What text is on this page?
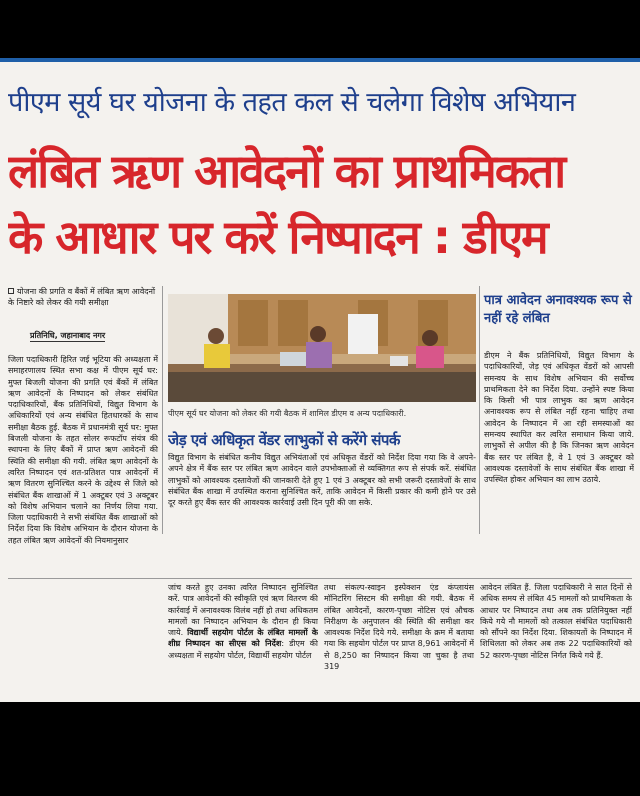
पीएम सूर्य घर योजना के तहत कल से चलेगा विशेष अभियान
लंबित ऋण आवेदनों का प्राथमिकता
के आधार पर करें निष्पादन : डीएम
योजना की प्रगति व बैंकों में लंबित ऋण आवेदनों के निष्टारे को लेकर की गयी समीक्षा
प्रतिनिधि, जहानाबाद नगर
जिला पदाधिकारी हिरित जई भूटिया की अध्यक्षता में समाहरणालय स्थित सभा कक्ष में पीएम सूर्य घर: मुफ्त बिजली योजना की प्रगति एवं बैंकों में लंबित ऋण आवेदनों के निष्पादन को लेकर संबंधित पदाधिकारियों, बैंक प्रतिनिधियों, विद्युत विभाग के अधिकारियों एवं अन्य संबंधित हितधारकों के साथ समीक्षा बैठक हुई. बैठक में प्रधानमंत्री सूर्य घर: मुफ्त बिजली योजना के तहत सोलर रूफटॉप संयंत्र की स्थापना के लिए बैंकों में प्राप्त ऋण आवेदनों की स्थिति की समीक्षा की गयी. लंबित ऋण आवेदनों के त्वरित निष्पादन एवं शत-प्रतिशत पात्र आवेदनों में ऋण वितरण सुनिश्चित करने के उद्देश्य से जिले को संबंधित बैंक शाखाओं में 1 अक्टूबर एवं 3 अक्टूबर को विशेष अभियान चलाने का निर्णय लिया गया. जिला पदाधिकारी ने सभी संबंधित बैंक शाखाओं को निर्देश दिया कि विशेष अभियान के दौरान योजना के तहत लंबित ऋण आवेदनों की नियमानुसार
पीएम सूर्य घर योजना को लेकर की गयी बैठक में शामिल डीएम व अन्य पदाधिकारी.
जेड़ एवं अधिकृत वेंडर लाभुकों से करेंगे संपर्क
विद्युत विभाग के संबंधित कनीय विद्युत अभियंताओं एवं अधिकृत वेंडरों को निर्देश दिया गया कि वे अपने-अपने क्षेत्र में बैंक स्तर पर लंबित ऋण आवेदन वाले उपभोक्ताओं से व्यक्तिगत रूप से संपर्क करें. संबंधित लाभुकों को आवश्यक दस्तावेजों की जानकारी देते हुए 1 एवं 3 अक्टूबर को सभी जरूरी दस्तावेजों के साथ संबंधित बैंक शाखा में उपस्थित कराना सुनिश्चित करें, ताकि आवेदन में किसी प्रकार की कमी होने पर उसे दूर करते हुए बैंक स्तर की आवश्यक कार्रवाई उसी दिन पूरी की जा सके.
पात्र आवेदन अनावश्यक रूप से नहीं रहे लंबित
डीएम ने बैंक प्रतिनिधियों, विद्युत विभाग के पदाधिकारियों, जेड़ एवं अधिकृत वेंडरों को आपसी समन्वय के साथ विशेष अभियान की सर्वोच्च प्राथमिकता देने का निर्देश दिया. उन्होंने स्पष्ट किया कि किसी भी पात्र लाभुक का ऋण आवेदन अनावश्यक रूप से लंबित नहीं रहना चाहिए तथा आवेदन के निष्पादन में आ रही समस्याओं का समन्वय स्थापित कर त्वरित समाधान किया जाये. लाभुकों से अपील की है कि जिनका ऋण आवेदन बैंक स्तर पर लंबित है, वे 1 एवं 3 अक्टूबर को आवश्यक दस्तावेजों के साथ संबंधित बैंक शाखा में उपस्थित होकर अभियान का लाभ उठाये.
जांच करते हुए उनका त्वरित निष्पादन सुनिश्चित करें. पात्र आवेदनों की स्वीकृति एवं ऋण वितरण की कार्रवाई में अनावश्यक विलंब नहीं हो तथा अधिकतम मामलों का निष्पादन अभियान के दौरान ही किया जाये. विद्यार्थी सहयोग पोर्टल के लंबित मामलों के शीघ्र निष्पादन का सीएस को निर्देश: डीएम की अध्यक्षता में सहयोग पोर्टल, विद्यार्थी सहयोग पोर्टल
तथा संकल्प-स्वाइन इस्पेक्शन एंड कंप्लायंस मॉनिटरिंग सिस्टम की समीक्षा की गयी. बैठक में लंबित आवेदनों, कारण-पृच्छा नोटिस एवं औचक निरीक्षण के अनुपालन की स्थिति की समीक्षा कर आवश्यक निर्देश दिये गये. समीक्षा के क्रम में बताया गया कि सहयोग पोर्टल पर प्राप्त 8,961 आवेदनों में से 8,250 का निष्पादन किया जा चुका है तथा 319
आवेदन लंबित हैं. जिला पदाधिकारी ने सात दिनों से अधिक समय से लंबित 45 मामलों को प्राथमिकता के आधार पर निष्पादन तथा अब तक प्रतिनियुक्त नहीं किये गये नौ मामलों को तत्काल संबंधित पदाधिकारी को सौंपने का निर्देश दिया. शिकायतों के निष्पादन में शिथिलता को लेकर अब तक 22 पदाधिकारियों को 52 कारण-पृच्छा नोटिस निर्गत किये गये हैं.
